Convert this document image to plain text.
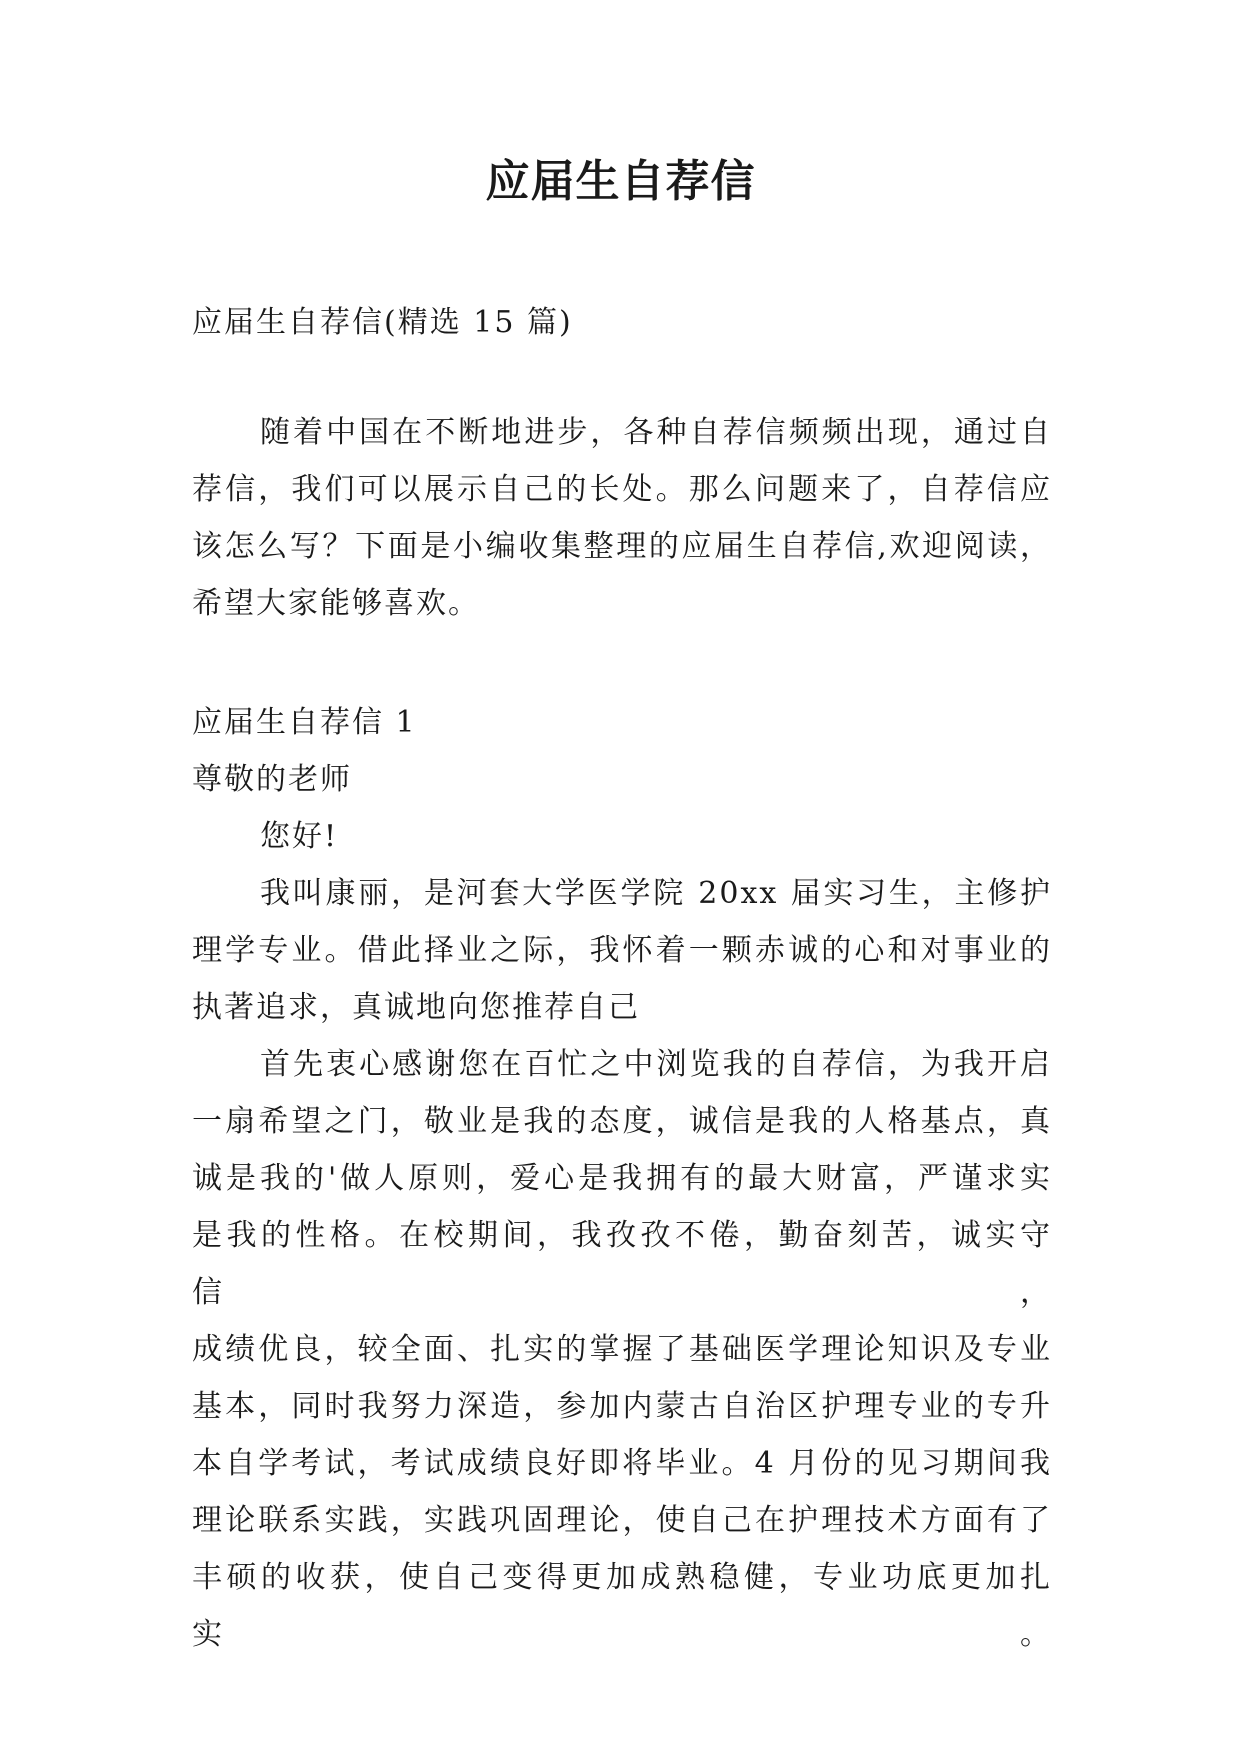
应届生自荐信
应届生自荐信(精选 15 篇)
随着中国在不断地进步，各种自荐信频频出现，通过自
荐信，我们可以展示自己的长处。那么问题来了，自荐信应
该怎么写？下面是小编收集整理的应届生自荐信,欢迎阅读，
希望大家能够喜欢。
应届生自荐信 1
尊敬的老师
您好!
我叫康丽，是河套大学医学院 20xx 届实习生，主修护
理学专业。借此择业之际，我怀着一颗赤诚的心和对事业的
执著追求，真诚地向您推荐自己
首先衷心感谢您在百忙之中浏览我的自荐信，为我开启
一扇希望之门，敬业是我的态度，诚信是我的人格基点，真
诚是我的'做人原则，爱心是我拥有的最大财富，严谨求实
是我的性格。在校期间，我孜孜不倦，勤奋刻苦，诚实守信，
成绩优良，较全面、扎实的掌握了基础医学理论知识及专业
基本，同时我努力深造，参加内蒙古自治区护理专业的专升
本自学考试，考试成绩良好即将毕业。4 月份的见习期间我
理论联系实践，实践巩固理论，使自己在护理技术方面有了
丰硕的收获，使自己变得更加成熟稳健，专业功底更加扎实。
